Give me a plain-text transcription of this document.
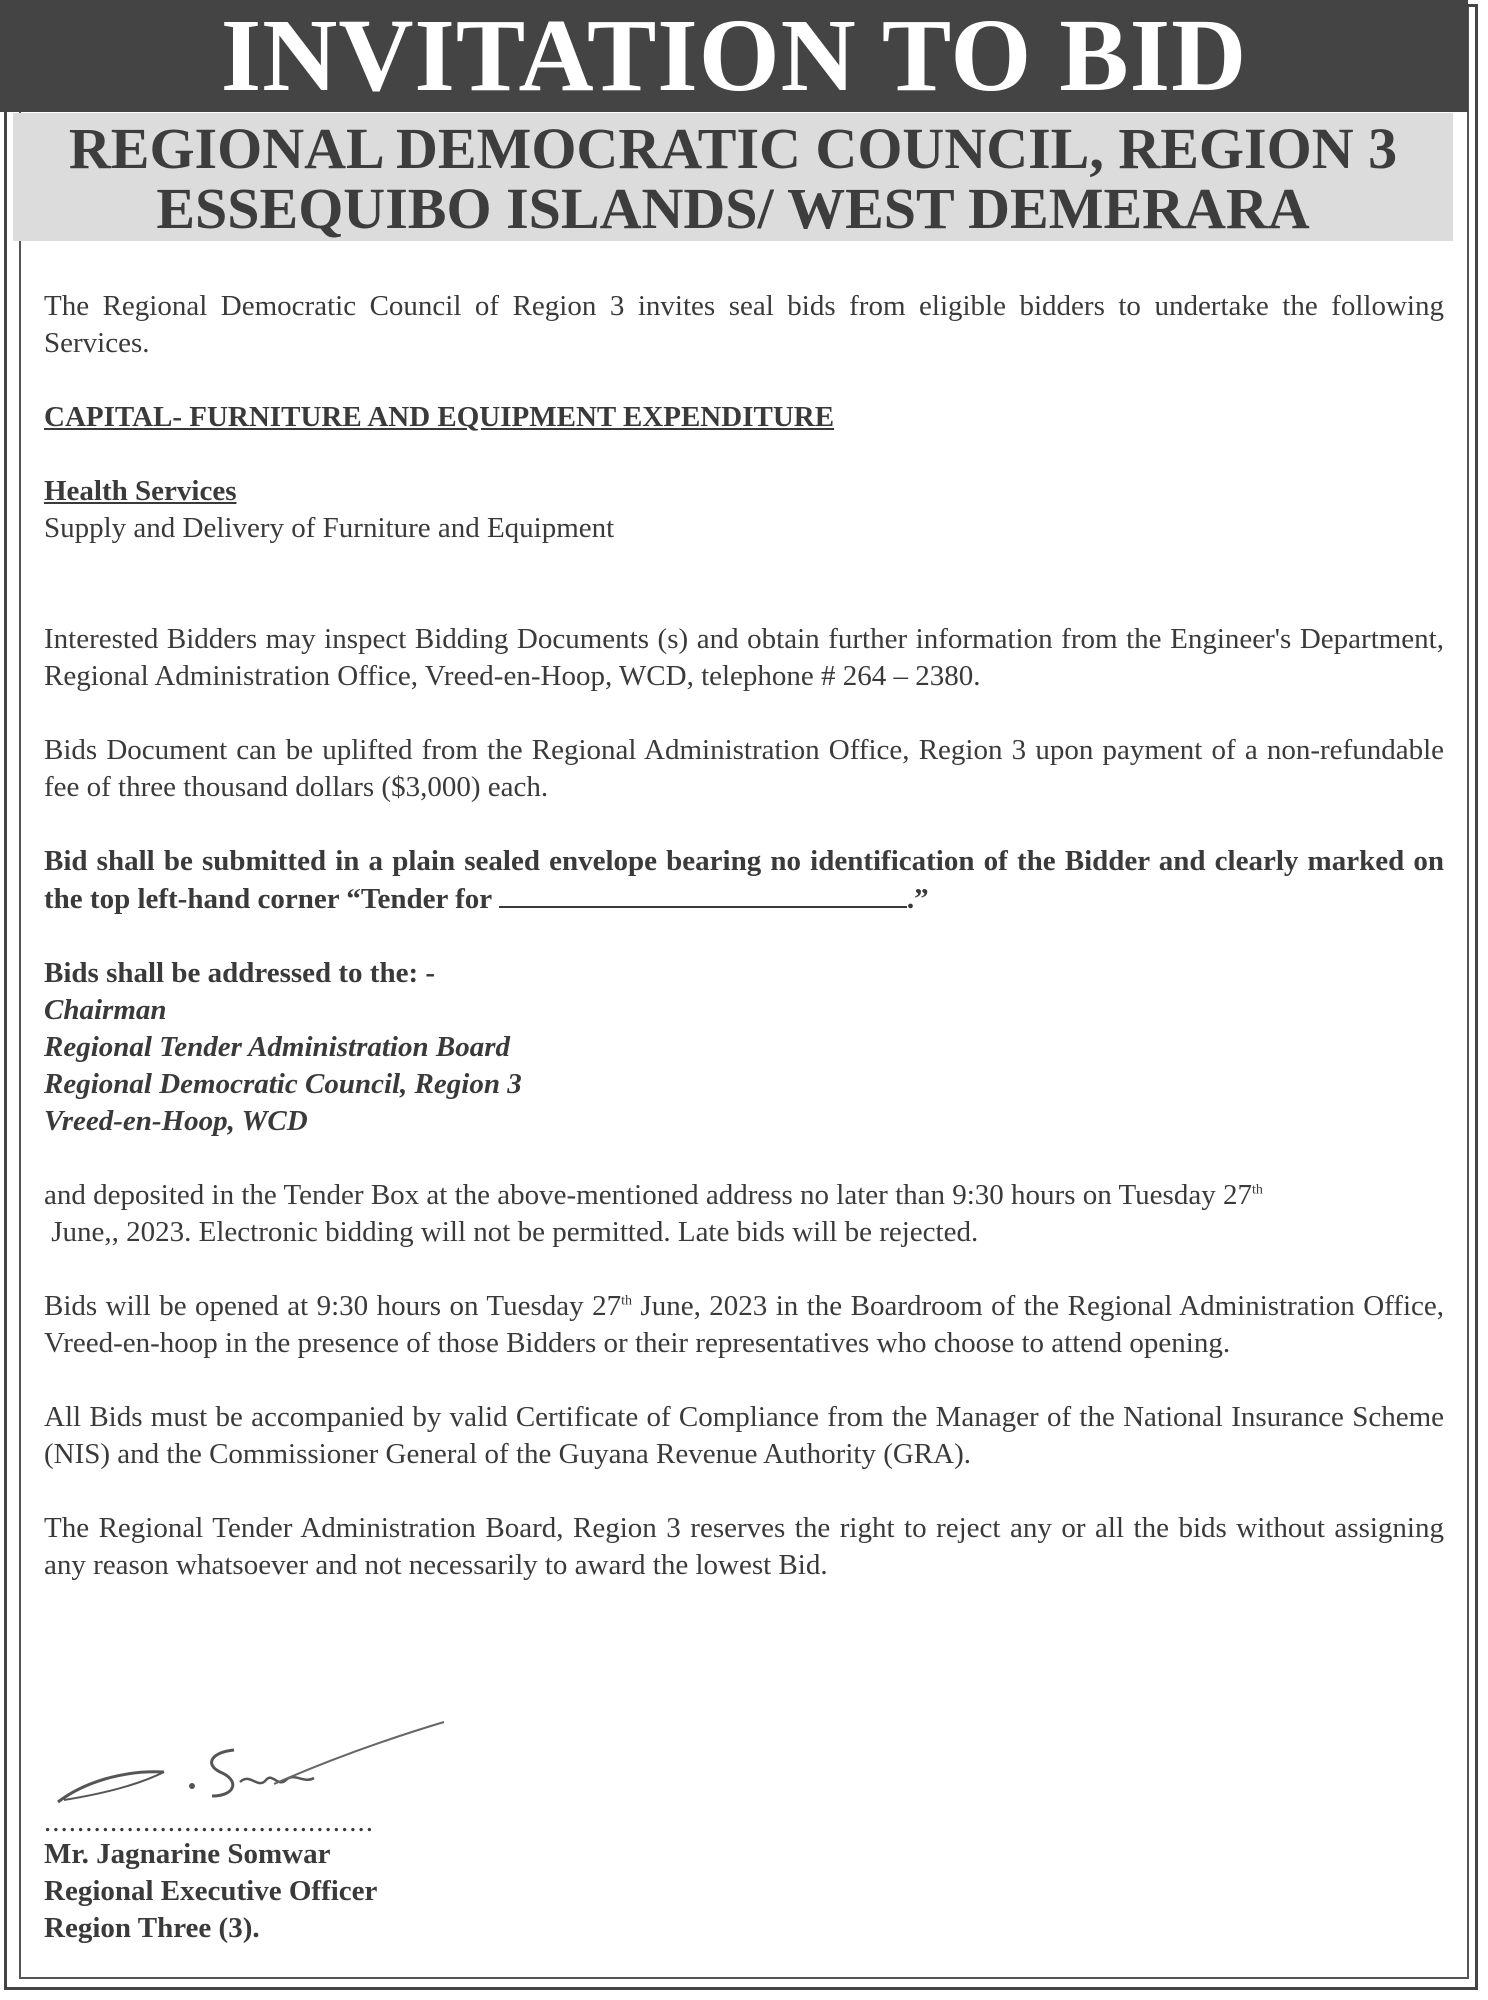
INVITATION TO BID
REGIONAL DEMOCRATIC COUNCIL, REGION 3
ESSEQUIBO ISLANDS/ WEST DEMERARA

The Regional Democratic Council of Region 3 invites seal bids from eligible bidders to undertake the following Services.

CAPITAL- FURNITURE AND EQUIPMENT EXPENDITURE

Health Services

Supply and Delivery of Furniture and Equipment

Interested Bidders may inspect Bidding Documents (s) and obtain further information from the Engineer's Department, Regional Administration Office, Vreed-en-Hoop, WCD, telephone # 264 – 2380.

Bids Document can be uplifted from the Regional Administration Office, Region 3 upon payment of a non-refundable fee of three thousand dollars ($3,000) each.

Bid shall be submitted in a plain sealed envelope bearing no identification of the Bidder and clearly marked on the top left-hand corner “Tender for	.”

Bids shall be addressed to the: -

Chairman

Regional Tender Administration Board

Regional Democratic Council, Region 3

Vreed-en-Hoop, WCD

and deposited in the Tender Box at the above-mentioned address no later than 9:30 hours on Tuesday 27th
June,, 2023. Electronic bidding will not be permitted. Late bids will be rejected.

Bids will be opened at 9:30 hours on Tuesday 27th June, 2023 in the Boardroom of the Regional Administration Office, Vreed-en-hoop in the presence of those Bidders or their representatives who choose to attend opening.

All Bids must be accompanied by valid Certificate of Compliance from the Manager of the National Insurance Scheme (NIS) and the Commissioner General of the Guyana Revenue Authority (GRA).

The Regional Tender Administration Board, Region 3 reserves the right to reject any or all the bids without assigning any reason whatsoever and not necessarily to award the lowest Bid.

........................................
Mr. Jagnarine Somwar
Regional Executive Officer
Region Three (3).
